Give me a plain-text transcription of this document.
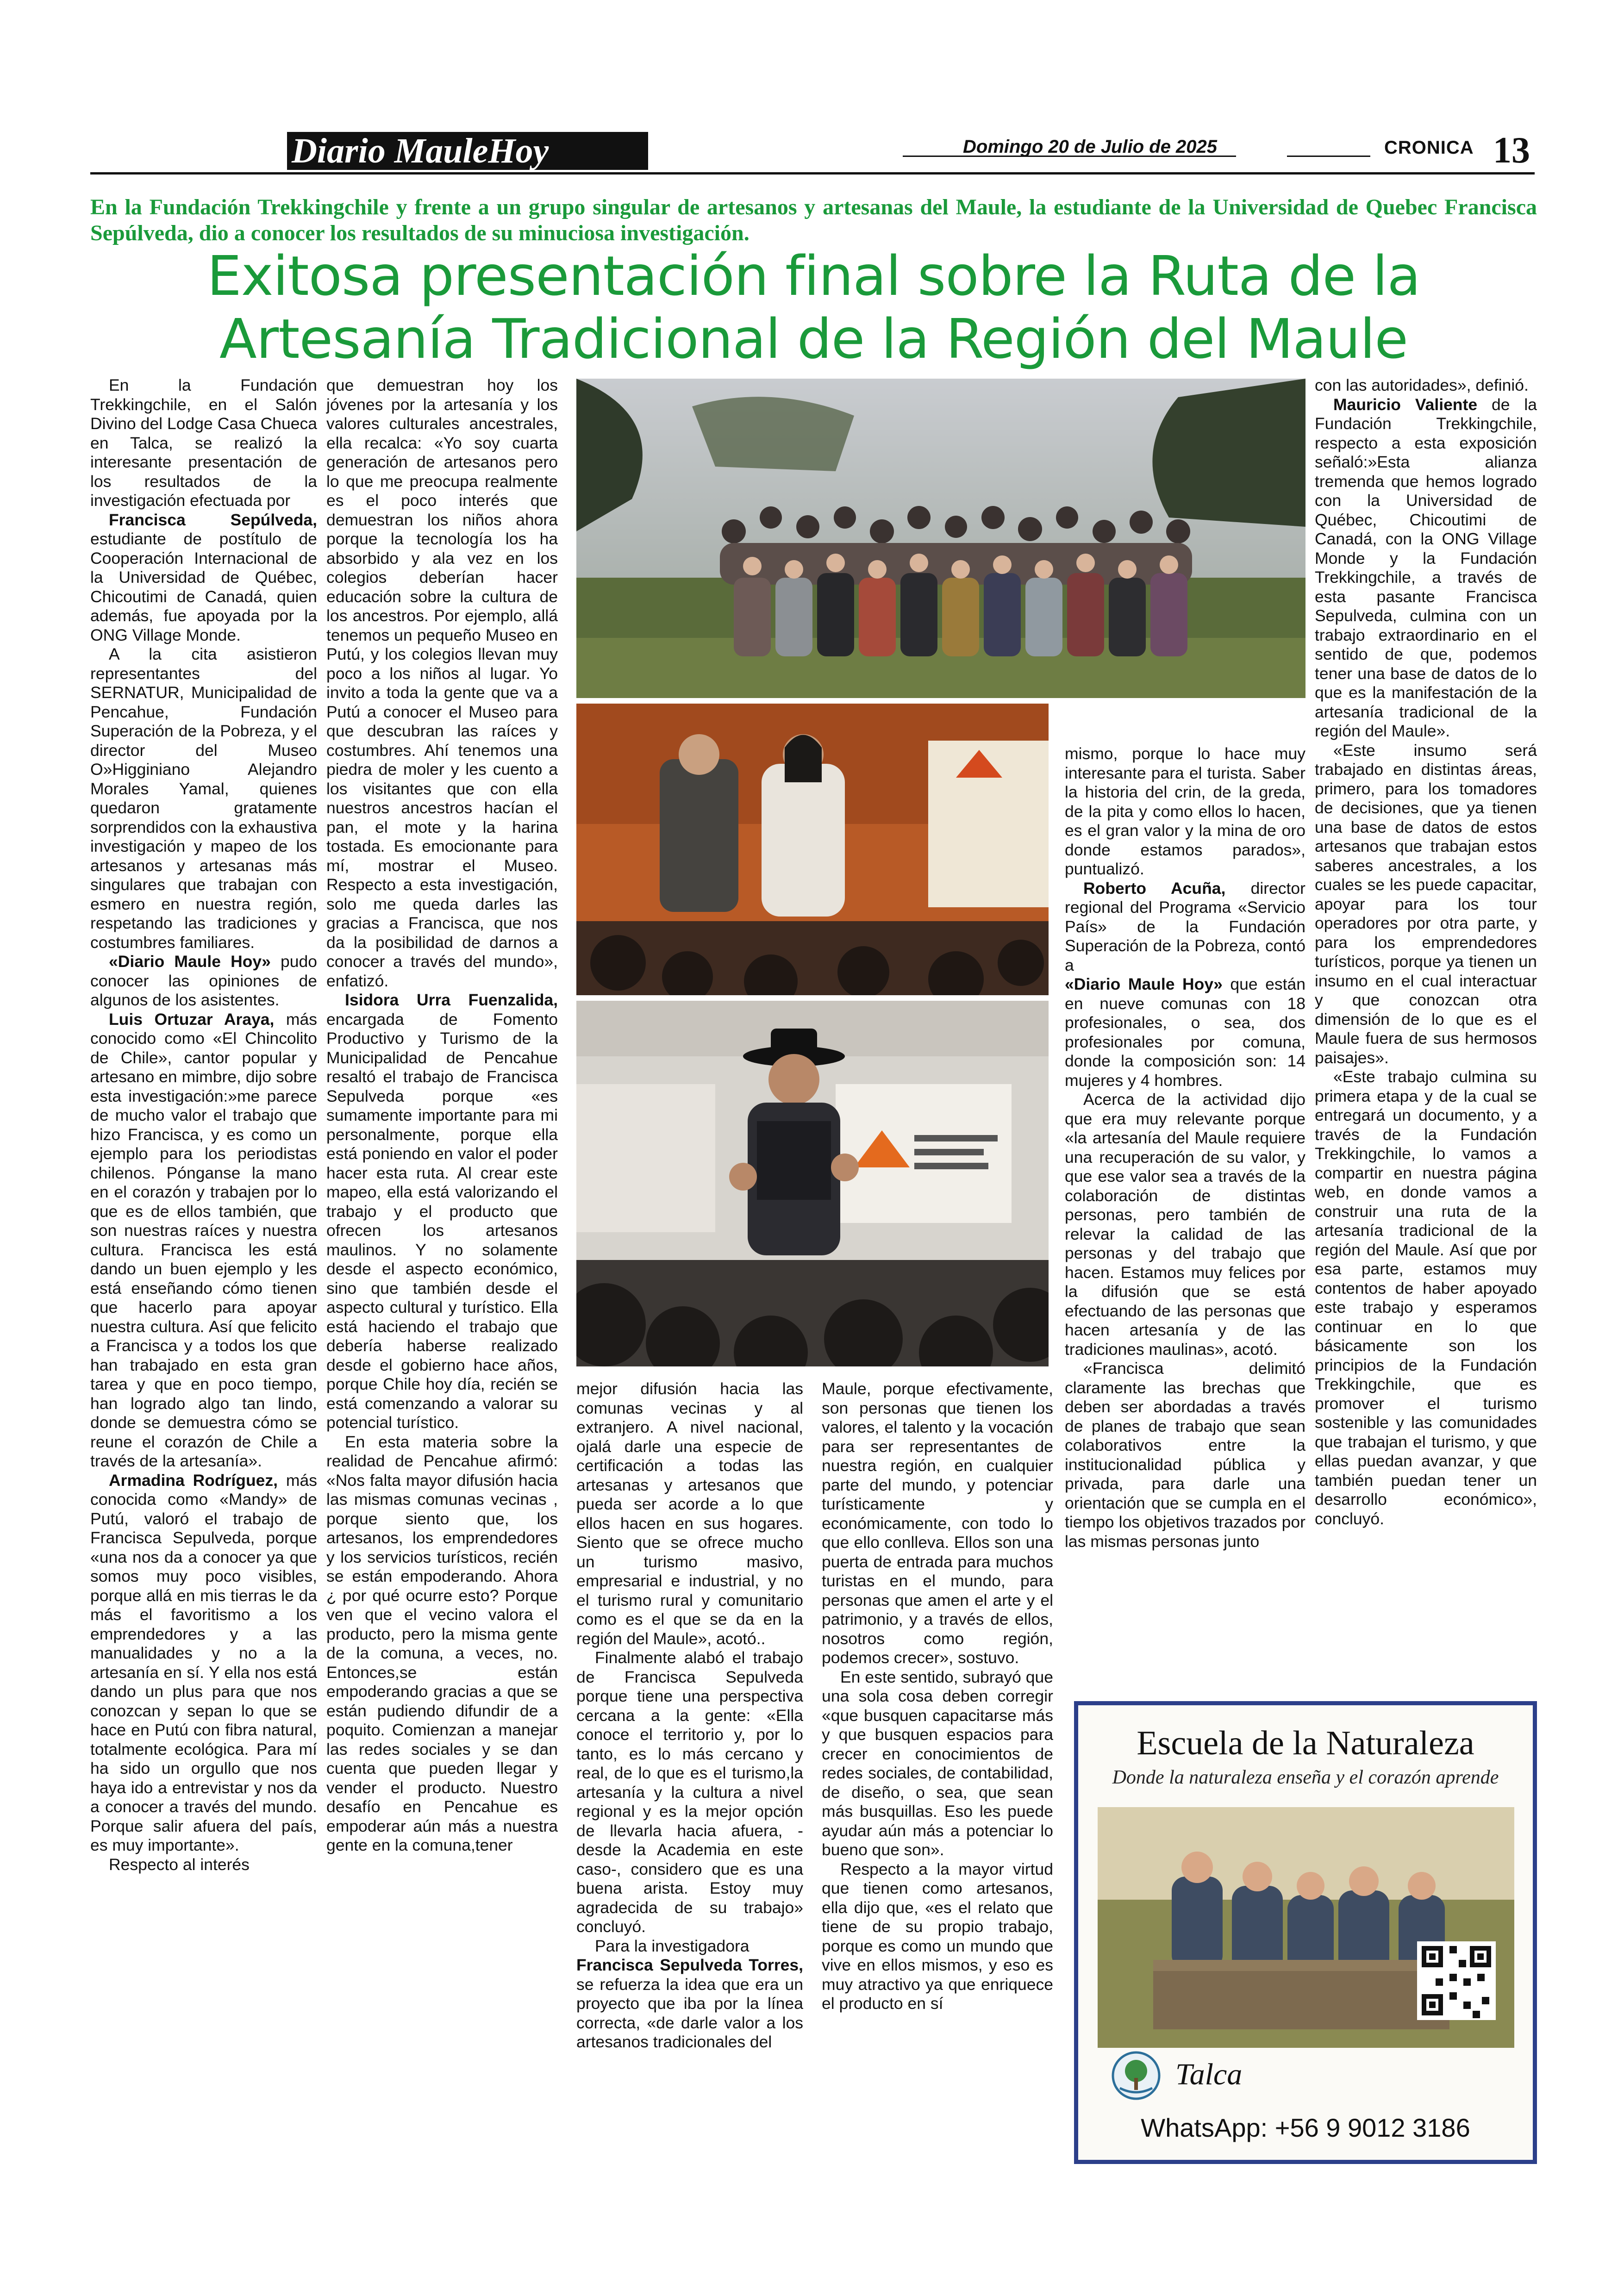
Diario MauleHoy	Domingo 20 de Julio de 2025	CRONICA 13
En la Fundación Trekkingchile y frente a un grupo singular de artesanos y artesanas del Maule, la estudiante de la Universidad de Quebec Francisca Sepúlveda, dio a conocer los resultados de su minuciosa investigación.
Exitosa presentación final sobre la Ruta de la Artesanía Tradicional de la Región del Maule

En la Fundación Trekkingchile, en el Salón Divino del Lodge Casa Chueca en Talca, se realizó la interesante presentación de los resultados de la investigación efectuada por

Francisca Sepúlveda, estudiante de postítulo de Cooperación Internacional de la Universidad de Québec, Chicoutimi de Canadá, quien además, fue apoyada por la ONG Village Monde.

A la cita asistieron representantes del SERNATUR, Municipalidad de Pencahue, Fundación Superación de la Pobreza, y el director del Museo O»Higginiano Alejandro Morales Yamal, quienes quedaron gratamente sorprendidos con la exhaustiva investigación y mapeo de los artesanos y artesanas más singulares que trabajan con esmero en nuestra región, respetando las tradiciones y costumbres familiares.

«Diario Maule Hoy» pudo conocer las opiniones de algunos de los asistentes.

Luis Ortuzar Araya, más conocido como «El Chincolito de Chile», cantor popular y artesano en mimbre, dijo sobre esta investigación:»me parece de mucho valor el trabajo que hizo Francisca, y es como un ejemplo para los periodistas chilenos. Pónganse la mano en el corazón y trabajen por lo que es de ellos también, que son nuestras raíces y nuestra cultura. Francisca les está dando un buen ejemplo y les está enseñando cómo tienen que hacerlo para apoyar nuestra cultura. Así que felicito a Francisca y a todos los que han trabajado en esta gran tarea y que en poco tiempo, han logrado algo tan lindo, donde se demuestra cómo se reune el corazón de Chile a través de la artesanía».

Armadina Rodríguez, más conocida como «Mandy» de Putú, valoró el trabajo de Francisca Sepulveda, porque «una nos da a conocer ya que somos muy poco visibles, porque allá en mis tierras le da más el favoritismo a los emprendedores y a las manualidades y no a la artesanía en sí. Y ella nos está dando un plus para que nos conozcan y sepan lo que se hace en Putú con fibra natural, totalmente ecológica. Para mí ha sido un orgullo que nos haya ido a entrevistar y nos da a conocer a través del mundo. Porque salir afuera del país, es muy importante».

Respecto al interés

que demuestran hoy los jóvenes por la artesanía y los valores culturales ancestrales, ella recalca: «Yo soy cuarta generación de artesanos pero lo que me preocupa realmente es el poco interés que demuestran los niños ahora porque la tecnología los ha absorbido y ala vez en los colegios deberían hacer educación sobre la cultura de los ancestros. Por ejemplo, allá tenemos un pequeño Museo en Putú, y los colegios llevan muy poco a los niños al lugar. Yo invito a toda la gente que va a Putú a conocer el Museo para que descubran las raíces y costumbres. Ahí tenemos una piedra de moler y les cuento a los visitantes que con ella nuestros ancestros hacían el pan, el mote y la harina tostada. Es emocionante para mí, mostrar el Museo. Respecto a esta investigación, solo me queda darles las gracias a Francisca, que nos da la posibilidad de darnos a conocer a través del mundo», enfatizó.

Isidora Urra Fuenzalida, encargada de Fomento Productivo y Turismo de la Municipalidad de Pencahue resaltó el trabajo de Francisca Sepulveda porque «es sumamente importante para mi personalmente, porque ella está poniendo en valor el poder hacer esta ruta. Al crear este mapeo, ella está valorizando el trabajo y el producto que ofrecen los artesanos maulinos. Y no solamente desde el aspecto económico, sino que también desde el aspecto cultural y turístico. Ella está haciendo el trabajo que debería haberse realizado desde el gobierno hace años, porque Chile hoy día, recién se está comenzando a valorar su potencial turístico.

En esta materia sobre la realidad de Pencahue afirmó: «Nos falta mayor difusión hacia las mismas comunas vecinas , porque siento que, los artesanos, los emprendedores y los servicios turísticos, recién se están empoderando. Ahora ¿ por qué ocurre esto? Porque ven que el vecino valora el producto, pero la misma gente de la comuna, a veces, no. Entonces,se están empoderando gracias a que se están pudiendo difundir de a poquito. Comienzan a manejar las redes sociales y se dan cuenta que pueden llegar y vender el producto. Nuestro desafío en Pencahue es empoderar aún más a nuestra gente en la comuna,tener

mejor difusión hacia las comunas vecinas y al extranjero. A nivel nacional, ojalá darle una especie de certificación a todas las artesanas y artesanos que pueda ser acorde a lo que ellos hacen en sus hogares. Siento que se ofrece mucho un turismo masivo, empresarial e industrial, y no el turismo rural y comunitario como es el que se da en la región del Maule», acotó..

Finalmente alabó el trabajo de Francisca Sepulveda porque tiene una perspectiva cercana a la gente: «Ella conoce el territorio y, por lo tanto, es lo más cercano y real, de lo que es el turismo,la artesanía y la cultura a nivel regional y es la mejor opción de llevarla hacia afuera, - desde la Academia en este caso-, considero que es una buena arista. Estoy muy agradecida de su trabajo» concluyó.

Para la investigadora

Francisca Sepulveda Torres, se refuerza la idea que era un proyecto que iba por la línea correcta, «de darle valor a los artesanos tradicionales del

Maule, porque efectivamente, son personas que tienen los valores, el talento y la vocación para ser representantes de nuestra región, en cualquier parte del mundo, y potenciar turísticamente y económicamente, con todo lo que ello conlleva. Ellos son una puerta de entrada para muchos turistas en el mundo, para personas que amen el arte y el patrimonio, y a través de ellos, nosotros como región, podemos crecer», sostuvo.

En este sentido, subrayó que una sola cosa deben corregir «que busquen capacitarse más y que busquen espacios para crecer en conocimientos de redes sociales, de contabilidad, de diseño, o sea, que sean más busquillas. Eso les puede ayudar aún más a potenciar lo bueno que son».

Respecto a la mayor virtud que tienen como artesanos, ella dijo que, «es el relato que tiene de su propio trabajo, porque es como un mundo que vive en ellos mismos, y eso es muy atractivo ya que enriquece el producto en sí

mismo, porque lo hace muy interesante para el turista. Saber la historia del crin, de la greda, de la pita y como ellos lo hacen, es el gran valor y la mina de oro donde estamos parados», puntualizó.

Roberto Acuña, director regional del Programa «Servicio País» de la Fundación Superación de la Pobreza, contó a

«Diario Maule Hoy» que están en nueve comunas con 18 profesionales, o sea, dos profesionales por comuna, donde la composición son: 14 mujeres y 4 hombres.

Acerca de la actividad dijo que era muy relevante porque «la artesanía del Maule requiere una recuperación de su valor, y que ese valor sea a través de la colaboración de distintas personas, pero también de relevar la calidad de las personas y del trabajo que hacen. Estamos muy felices por la difusión que se está efectuando de las personas que hacen artesanía y de las tradiciones maulinas», acotó.

«Francisca delimitó claramente las brechas que deben ser abordadas a través de planes de trabajo que sean colaborativos entre la institucionalidad pública y privada, para darle una orientación que se cumpla en el tiempo los objetivos trazados por las mismas personas junto

con las autoridades», definió.

Mauricio Valiente de la Fundación Trekkingchile, respecto a esta exposición señaló:»Esta alianza tremenda que hemos logrado con la Universidad de Québec, Chicoutimi de Canadá, con la ONG Village Monde y la Fundación Trekkingchile, a través de esta pasante Francisca Sepulveda, culmina con un trabajo extraordinario en el sentido de que, podemos tener una base de datos de lo que es la manifestación de la artesanía tradicional de la región del Maule».

«Este insumo será trabajado en distintas áreas, primero, para los tomadores de decisiones, que ya tienen una base de datos de estos artesanos que trabajan estos saberes ancestrales, a los cuales se les puede capacitar, apoyar para los tour operadores por otra parte, y para los emprendedores turísticos, porque ya tienen un insumo en el cual interactuar y que conozcan otra dimensión de lo que es el Maule fuera de sus hermosos paisajes».

«Este trabajo culmina su primera etapa y de la cual se entregará un documento, y a través de la Fundación Trekkingchile, lo vamos a compartir en nuestra página web, en donde vamos a construir una ruta de la artesanía tradicional de la región del Maule. Así que por esa parte, estamos muy contentos de haber apoyado este trabajo y esperamos continuar en lo que básicamente son los principios de la Fundación Trekkingchile, que es promover el turismo sostenible y las comunidades que trabajan el turismo, y que ellas puedan avanzar, y que también puedan tener un desarrollo económico», concluyó.

Escuela de la Naturaleza
Donde la naturaleza enseña y el corazón aprende
Talca
WhatsApp: +56 9 9012 3186
